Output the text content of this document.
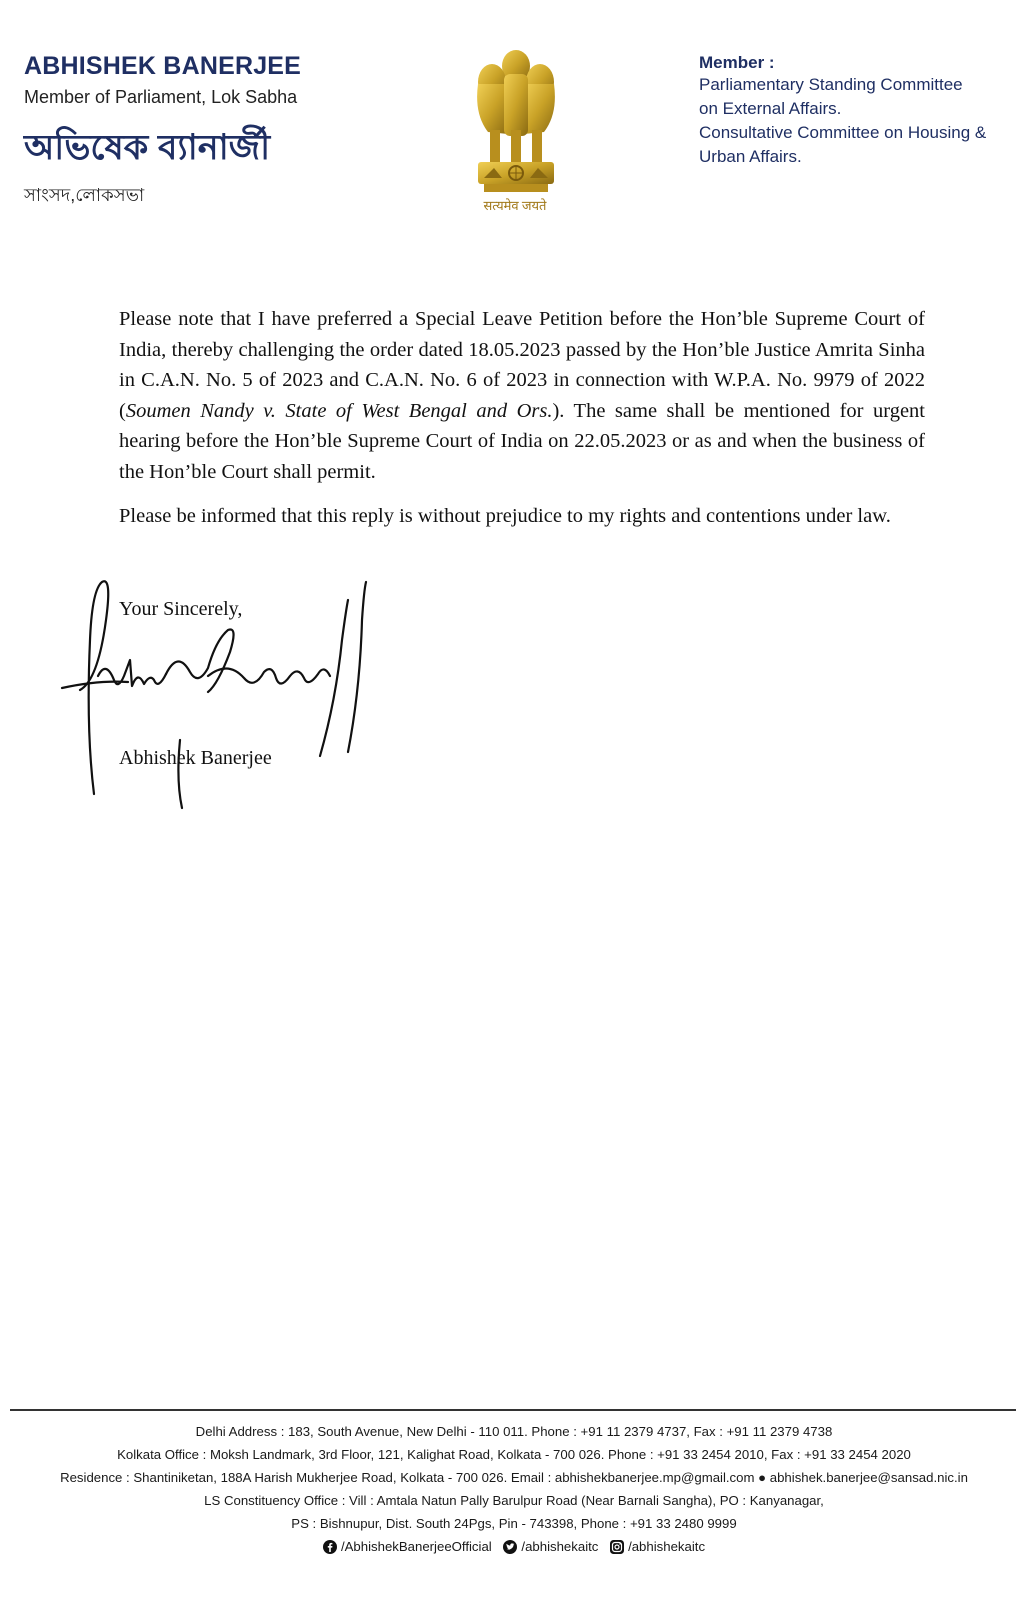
ABHISHEK BANERJEE
Member of Parliament, Lok Sabha
অভিষেক ব্যানার্জী
সাংসদ,লোকসভা
सत्यमेव जयते
Member :
Parliamentary Standing Committee
on External Affairs.
Consultative Committee on Housing &
Urban Affairs.

Please note that I have preferred a Special Leave Petition before the Hon’ble Supreme Court of India, thereby challenging the order dated 18.05.2023 passed by the Hon’ble Justice Amrita Sinha in C.A.N. No. 5 of 2023 and C.A.N. No. 6 of 2023 in connection with W.P.A. No. 9979 of 2022 (Soumen Nandy v. State of West Bengal and Ors.). The same shall be mentioned for urgent hearing before the Hon’ble Supreme Court of India on 22.05.2023 or as and when the business of the Hon’ble Court shall permit.

Please be informed that this reply is without prejudice to my rights and contentions under law.

Your Sincerely,
Abhishek Banerjee
Delhi Address : 183, South Avenue, New Delhi - 110 011. Phone : +91 11 2379 4737, Fax : +91 11 2379 4738
Kolkata Office : Moksh Landmark, 3rd Floor, 121, Kalighat Road, Kolkata - 700 026. Phone : +91 33 2454 2010, Fax : +91 33 2454 2020
Residence : Shantiniketan, 188A Harish Mukherjee Road, Kolkata - 700 026. Email : abhishekbanerjee.mp@gmail.com ● abhishek.banerjee@sansad.nic.in
LS Constituency Office : Vill : Amtala Natun Pally Barulpur Road (Near Barnali Sangha), PO : Kanyanagar,
PS : Bishnupur, Dist. South 24Pgs, Pin - 743398, Phone : +91 33 2480 9999
/AbhishekBanerjeeOfficial
/abhishekaitc
/abhishekaitc
